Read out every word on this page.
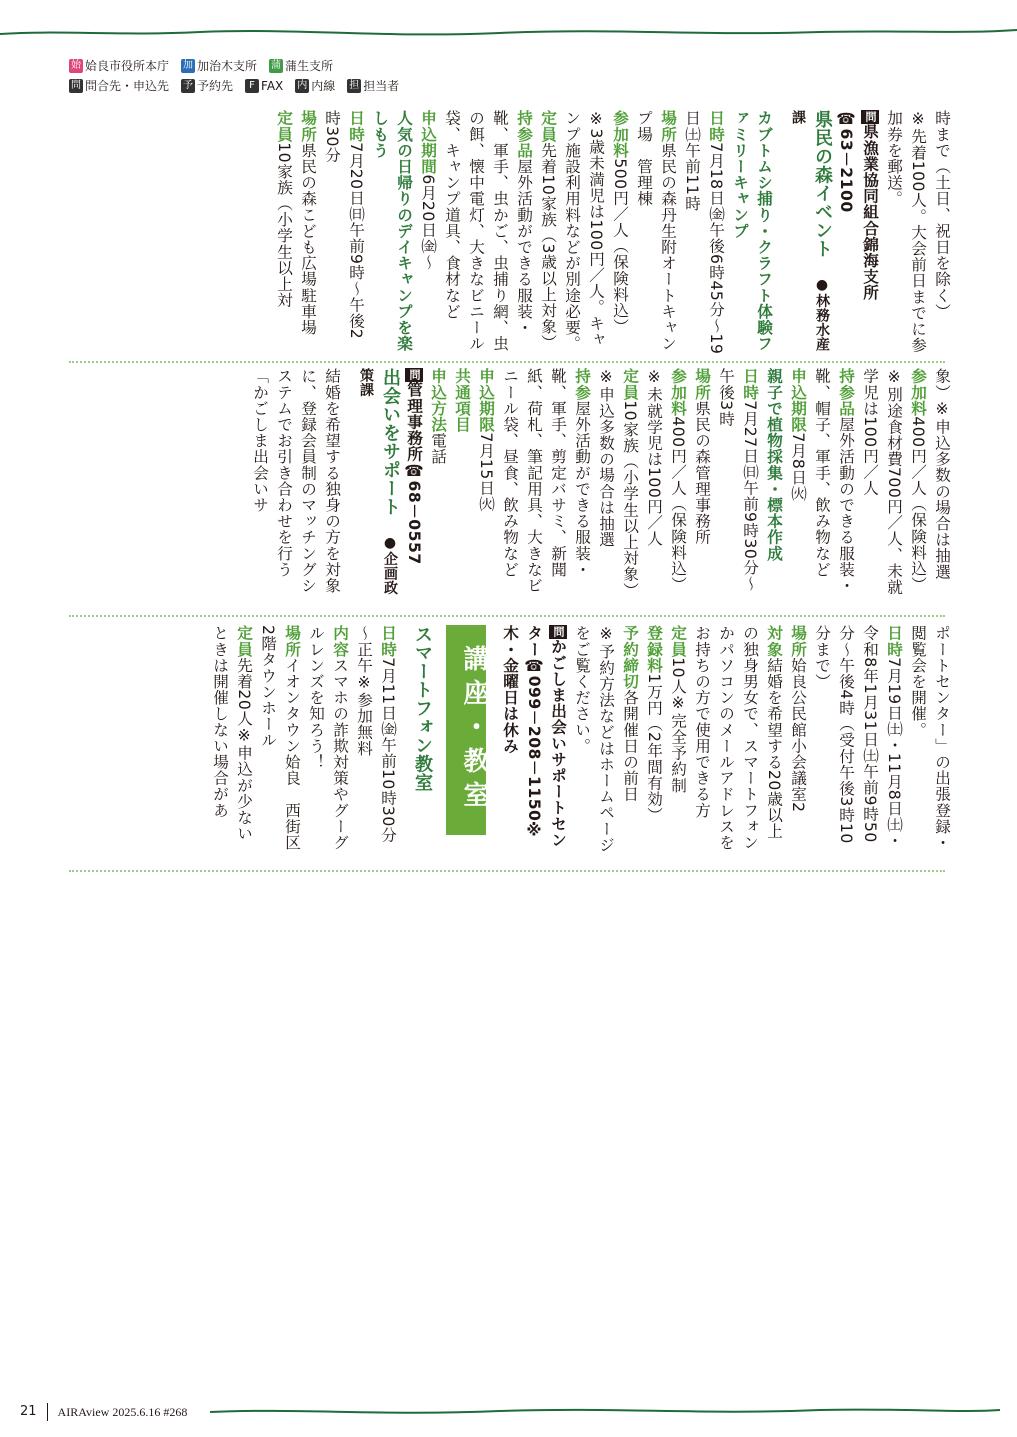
始 姶良市役所本庁 加 加治木支所 蒲 蒲生支所
問 問合先・申込先 予 予約先	F FAX 内 内線 担 担当者

時まで（土日、祝日を除く）

※先着100人。大会前日までに参加券を郵送。

問県漁業協同組合錦海支所　☎63－2100

県民の森イベント　●林務水産課

カブトムシ捕り・クラフト体験ファミリーキャンプ

日時7月18日㈮午後6時45分～19日㈯午前11時

場所県民の森丹生附オートキャンプ場　管理棟

参加料500円／人（保険料込）※3歳未満児は100円／人。キャンプ施設利用料などが別途必要。

定員先着10家族（3歳以上対象）

持参品屋外活動ができる服装・靴、軍手、虫かご、虫捕り網、虫の餌、懐中電灯、大きなビニール袋、キャンプ道具、食材など

申込期間6月20日㈮～

人気の日帰りのデイキャンプを楽しもう

日時7月20日㈰午前9時～午後2時30分

場所県民の森こども広場駐車場

定員10家族（小学生以上対

象）※申込多数の場合は抽選

参加料400円／人（保険料込）※別途食材費700円／人、未就学児は100円／人

持参品屋外活動のできる服装・靴、帽子、軍手、飲み物など

申込期限7月8日㈫

親子で植物採集・標本作成

日時7月27日㈰午前9時30分～午後3時

場所県民の森管理事務所

参加料400円／人（保険料込）※未就学児は100円／人

定員10家族（小学生以上対象）※申込多数の場合は抽選

持参屋外活動ができる服装・靴、軍手、剪定バサミ、新聞紙、荷札、筆記用具、大きなビニール袋、昼食、飲み物など

申込期限7月15日㈫

共通項目

申込方法電話

問管理事務所☎68－0557

出会いをサポート　●企画政策課

結婚を希望する独身の方を対象に、登録会員制のマッチングシステムでお引き合わせを行う「かごしま出会いサ

ポートセンター」の出張登録・閲覧会を開催。

日時7月19日㈯・11月8日㈯・令和8年1月31日㈯午前9時50分～午後4時（受付午後3時10分まで）

場所姶良公民館小会議室2

対象結婚を希望する20歳以上の独身男女で、スマートフォンかパソコンのメールアドレスをお持ちの方で使用できる方

定員10人※完全予約制

登録料1万円（2年間有効）

予約締切各開催日の前日

※予約方法などはホームページをご覧ください。

問かごしま出会いサポートセンター☎099－208－1150※木・金曜日は休み

講座・教室

スマートフォン教室

日時7月11日㈮午前10時30分～正午※参加無料

内容スマホの詐欺対策やグーグルレンズを知ろう！

場所イオンタウン姶良　西街区2階タウンホール

定員先着20人※申込が少ないときは開催しない場合があ

21	AIRAview 2025.6.16 #268
